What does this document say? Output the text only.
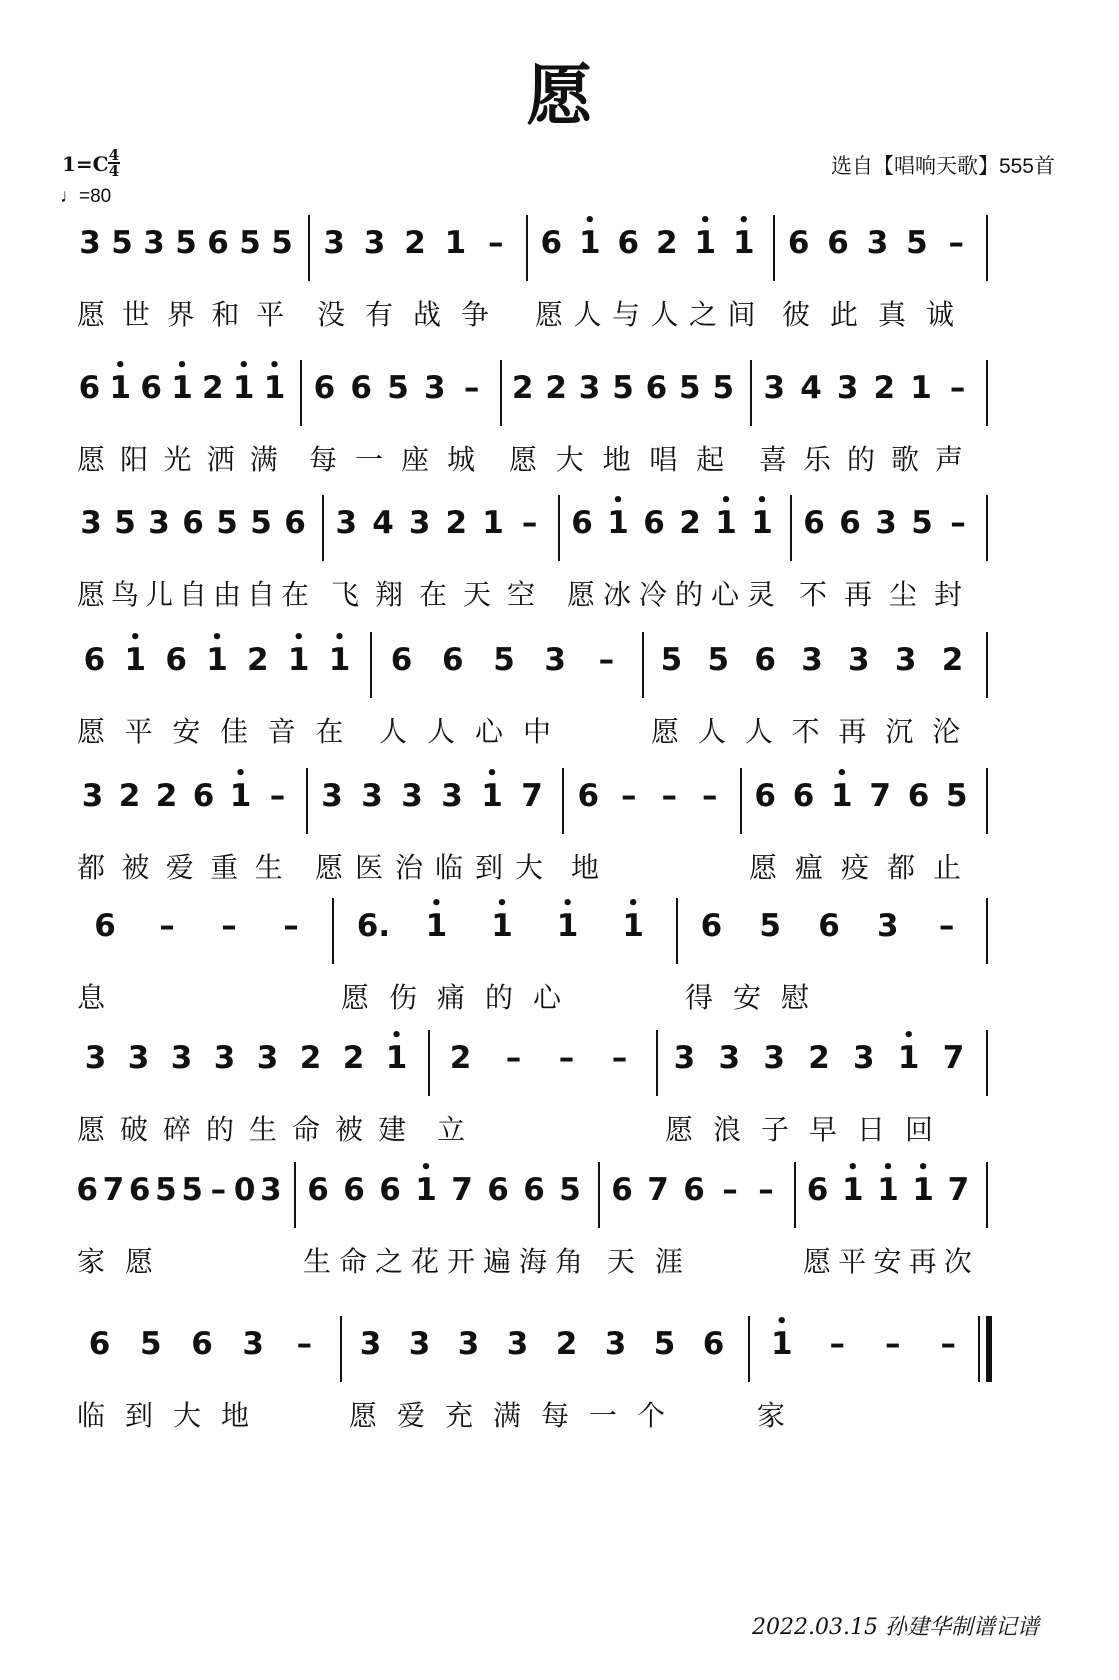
愿
1=C 4
4
♩=80
选自【唱响天歌】555首
3 5 3 5 6 5 5 3 3 2 1 – 6 • 1 6 2 • 1 • 1 6 6 3 5 –
愿 世 界 和 平 没 有 战 争 愿 人 与 人 之 间 彼 此 真 诚
6 • 1 6 • 1 2 • 1 • 1 6 6 5 3 – 2 2 3 5 6 5 5 3 4 3 2 1 –
愿 阳 光 洒 满 每 一 座 城 愿 大 地 唱 起 喜 乐 的 歌 声
3 5 3 6 5 5 6 3 4 3 2 1 – 6 • 1 6 2 • 1 • 1 6 6 3 5 –
愿 鸟 儿 自 由 自 在 飞 翔 在 天 空 愿 冰 冷 的 心 灵 不 再 尘 封
6 • 1 6 • 1 2 • 1 • 1 6 6 5 3 – 5 5 6 3 3 3 2
愿 平 安 佳 音 在 人 人 心 中	愿 人 人 不 再 沉 沦
3 2 2 6 • 1 – 3 3 3 3 • 1 7 6 – – – 6 6 • 1 7 6 5
都 被 爱 重 生 愿 医 治 临 到 大 地	愿 瘟 疫 都 止
6 – – – 6. • 1 • 1 • 1 • 1 6 5 6 3 –
息	愿 伤 痛 的 心	得 安 慰
3 3 3 3 3 2 2 • 1 2 – – – 3 3 3 2 3 • 1 7
愿 破 碎 的 生 命 被 建 立	愿 浪 子 早 日 回
6 7 6 5 5 – 0 3 6 6 6 • 1 7 6 6 5 6 7 6 – – 6 • 1 • 1 • 1 7
家 愿	生 命 之 花 开 遍 海 角 天 涯	愿 平 安 再 次
6 5 6 3 – 3 3 3 3 2 3 5 6 • 1 – – –
临 到 大 地	愿 爱 充 满 每 一 个	家
2022.03.15 孙建华制谱记谱
